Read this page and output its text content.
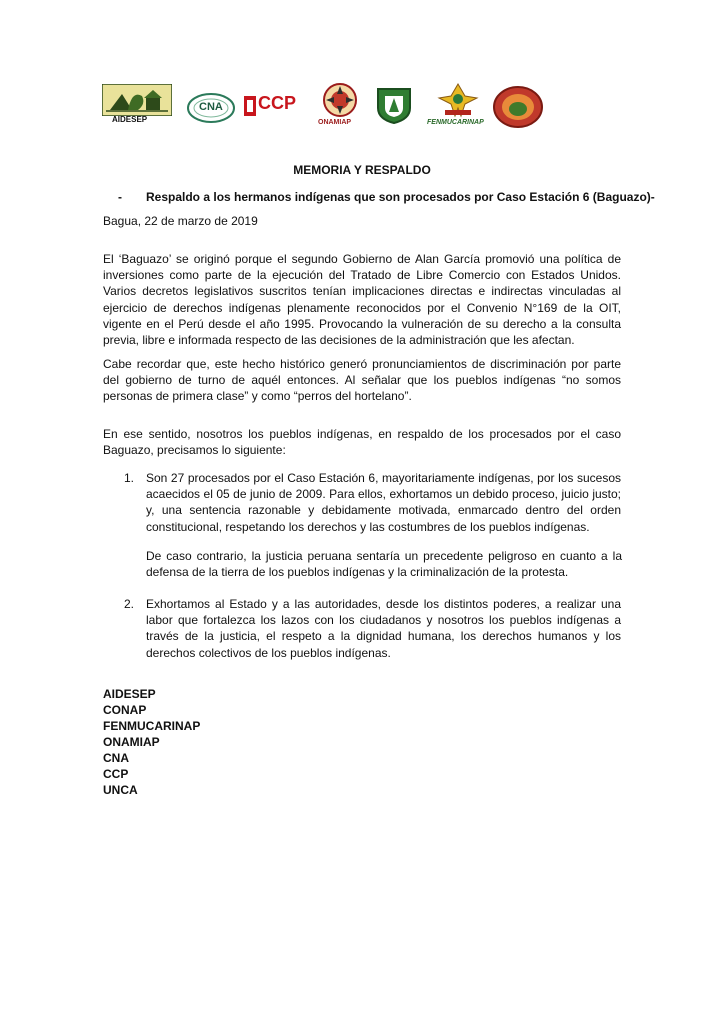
AIDESEP
CNA CCP
ONAMIAP	FENMUCARINAP
MEMORIA Y RESPALDO
- Respaldo a los hermanos indígenas que son procesados por Caso Estación 6 (Baguazo)-
Bagua, 22 de marzo de 2019

El ‘Baguazo’ se originó porque el segundo Gobierno de Alan García promovió una política de inversiones como parte de la ejecución del Tratado de Libre Comercio con Estados Unidos. Varios decretos legislativos suscritos tenían implicaciones directas e indirectas vinculadas al ejercicio de derechos indígenas plenamente reconocidos por el Convenio N°169 de la OIT, vigente en el Perú desde el año 1995. Provocando la vulneración de su derecho a la consulta previa, libre e informada respecto de las decisiones de la administración que les afectan.

Cabe recordar que, este hecho histórico generó pronunciamientos de discriminación por parte del gobierno de turno de aquél entonces. Al señalar que los pueblos indígenas “no somos personas de primera clase” y como “perros del hortelano”.

En ese sentido, nosotros los pueblos indígenas, en respaldo de los procesados por el caso Baguazo, precisamos lo siguiente:

1. Son 27 procesados por el Caso Estación 6, mayoritariamente indígenas, por los sucesos acaecidos el 05 de junio de 2009. Para ellos, exhortamos un debido proceso, juicio justo; y, una sentencia razonable y debidamente motivada, enmarcado dentro del orden constitucional, respetando los derechos y las costumbres de los pueblos indígenas.

De caso contrario, la justicia peruana sentaría un precedente peligroso en cuanto a la defensa de la tierra de los pueblos indígenas y la criminalización de la protesta.

2. Exhortamos al Estado y a las autoridades, desde los distintos poderes, a realizar una labor que fortalezca los lazos con los ciudadanos y nosotros los pueblos indígenas a través de la justicia, el respeto a la dignidad humana, los derechos humanos y los derechos colectivos de los pueblos indígenas.
AIDESEP
CONAP
FENMUCARINAP
ONAMIAP
CNA
CCP
UNCA
